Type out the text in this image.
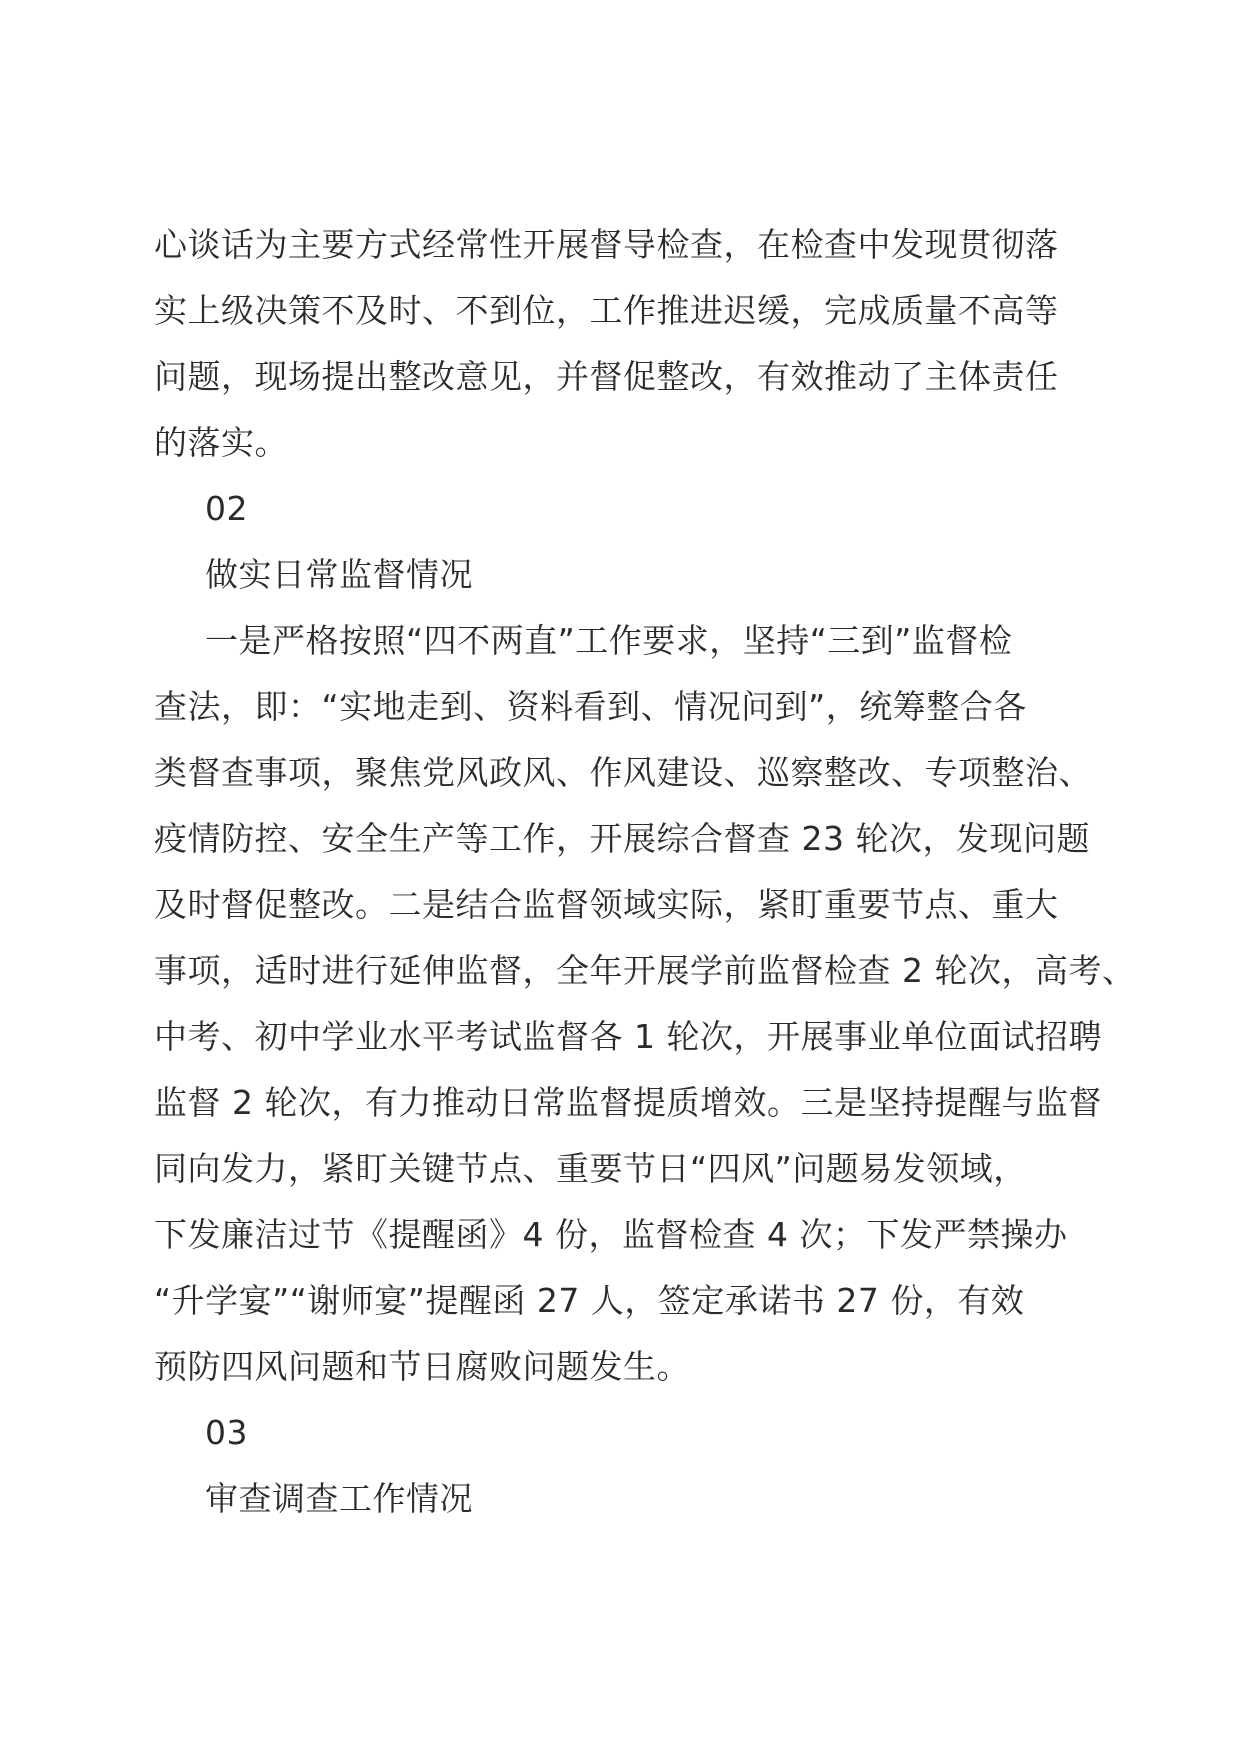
心谈话为主要方式经常性开展督导检查，在检查中发现贯彻落
实上级决策不及时、不到位，工作推进迟缓，完成质量不高等
问题，现场提出整改意见，并督促整改，有效推动了主体责任
的落实。
02
做实日常监督情况
一是严格按照“四不两直”工作要求，坚持“三到”监督检
查法，即：“实地走到、资料看到、情况问到”，统筹整合各
类督查事项，聚焦党风政风、作风建设、巡察整改、专项整治、
疫情防控、安全生产等工作，开展综合督查 23 轮次，发现问题
及时督促整改。二是结合监督领域实际，紧盯重要节点、重大
事项，适时进行延伸监督，全年开展学前监督检查 2 轮次，高考、
中考、初中学业水平考试监督各 1 轮次，开展事业单位面试招聘
监督 2 轮次，有力推动日常监督提质增效。三是坚持提醒与监督
同向发力，紧盯关键节点、重要节日“四风”问题易发领域，
下发廉洁过节《提醒函》4 份，监督检查 4 次；下发严禁操办
“升学宴”“谢师宴”提醒函 27 人，签定承诺书 27 份，有效
预防四风问题和节日腐败问题发生。
03
审查调查工作情况
